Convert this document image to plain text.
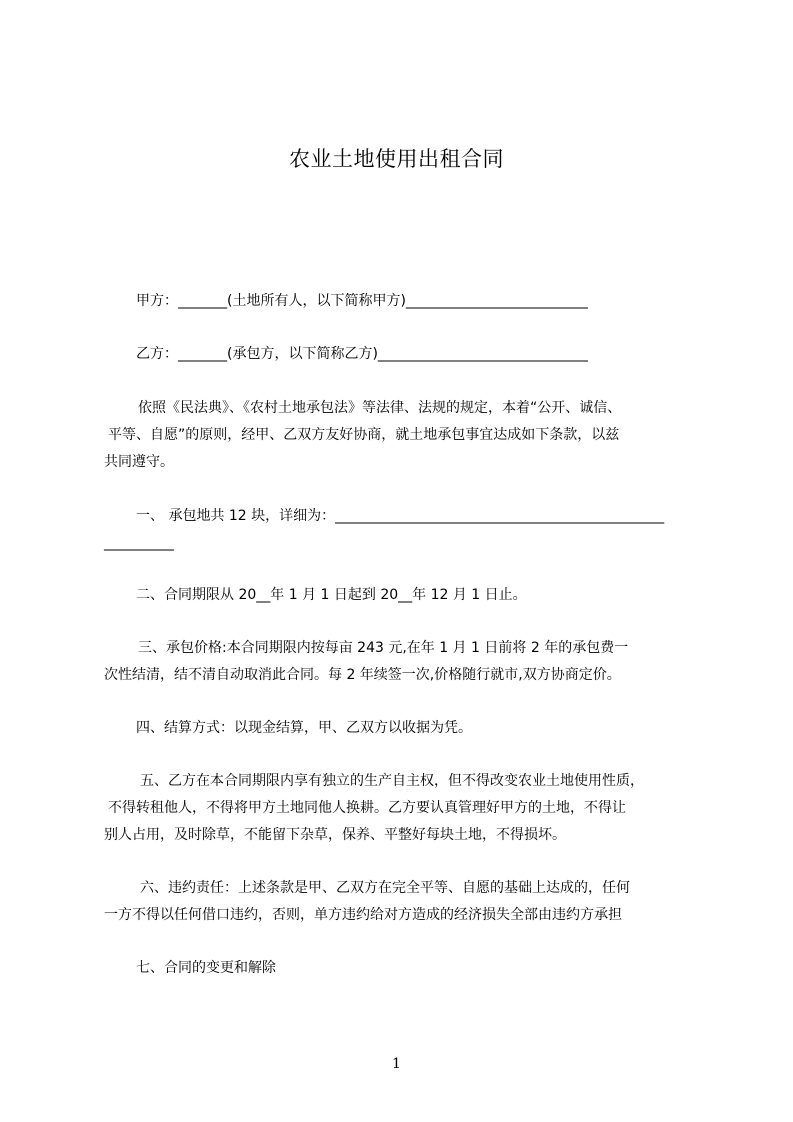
农业土地使用出租合同
甲方：_______(土地所有人，以下简称甲方)__________________________
乙方：_______(承包方，以下简称乙方)______________________________
依照《民法典》、《农村土地承包法》等法律、法规的规定，本着“公开、诚信、
平等、自愿”的原则，经甲、乙双方友好协商，就土地承包事宜达成如下条款，以兹
共同遵守。
一、 承包地共 12 块，详细为：_______________________________________________
__________
二、合同期限从 20__年 1 月 1 日起到 20__年 12 月 1 日止。
三、承包价格:本合同期限内按每亩 243 元,在年 1 月 1 日前将 2 年的承包费一
次性结清，结不清自动取消此合同。每 2 年续签一次,价格随行就市,双方协商定价。
四、结算方式：以现金结算，甲、乙双方以收据为凭。
五、乙方在本合同期限内享有独立的生产自主权，但不得改变农业土地使用性质，
不得转租他人，不得将甲方土地同他人换耕。乙方要认真管理好甲方的土地，不得让
别人占用，及时除草，不能留下杂草，保养、平整好每块土地，不得损坏。
六、违约责任：上述条款是甲、乙双方在完全平等、自愿的基础上达成的，任何
一方不得以任何借口违约，否则，单方违约给对方造成的经济损失全部由违约方承担
七、合同的变更和解除
1
